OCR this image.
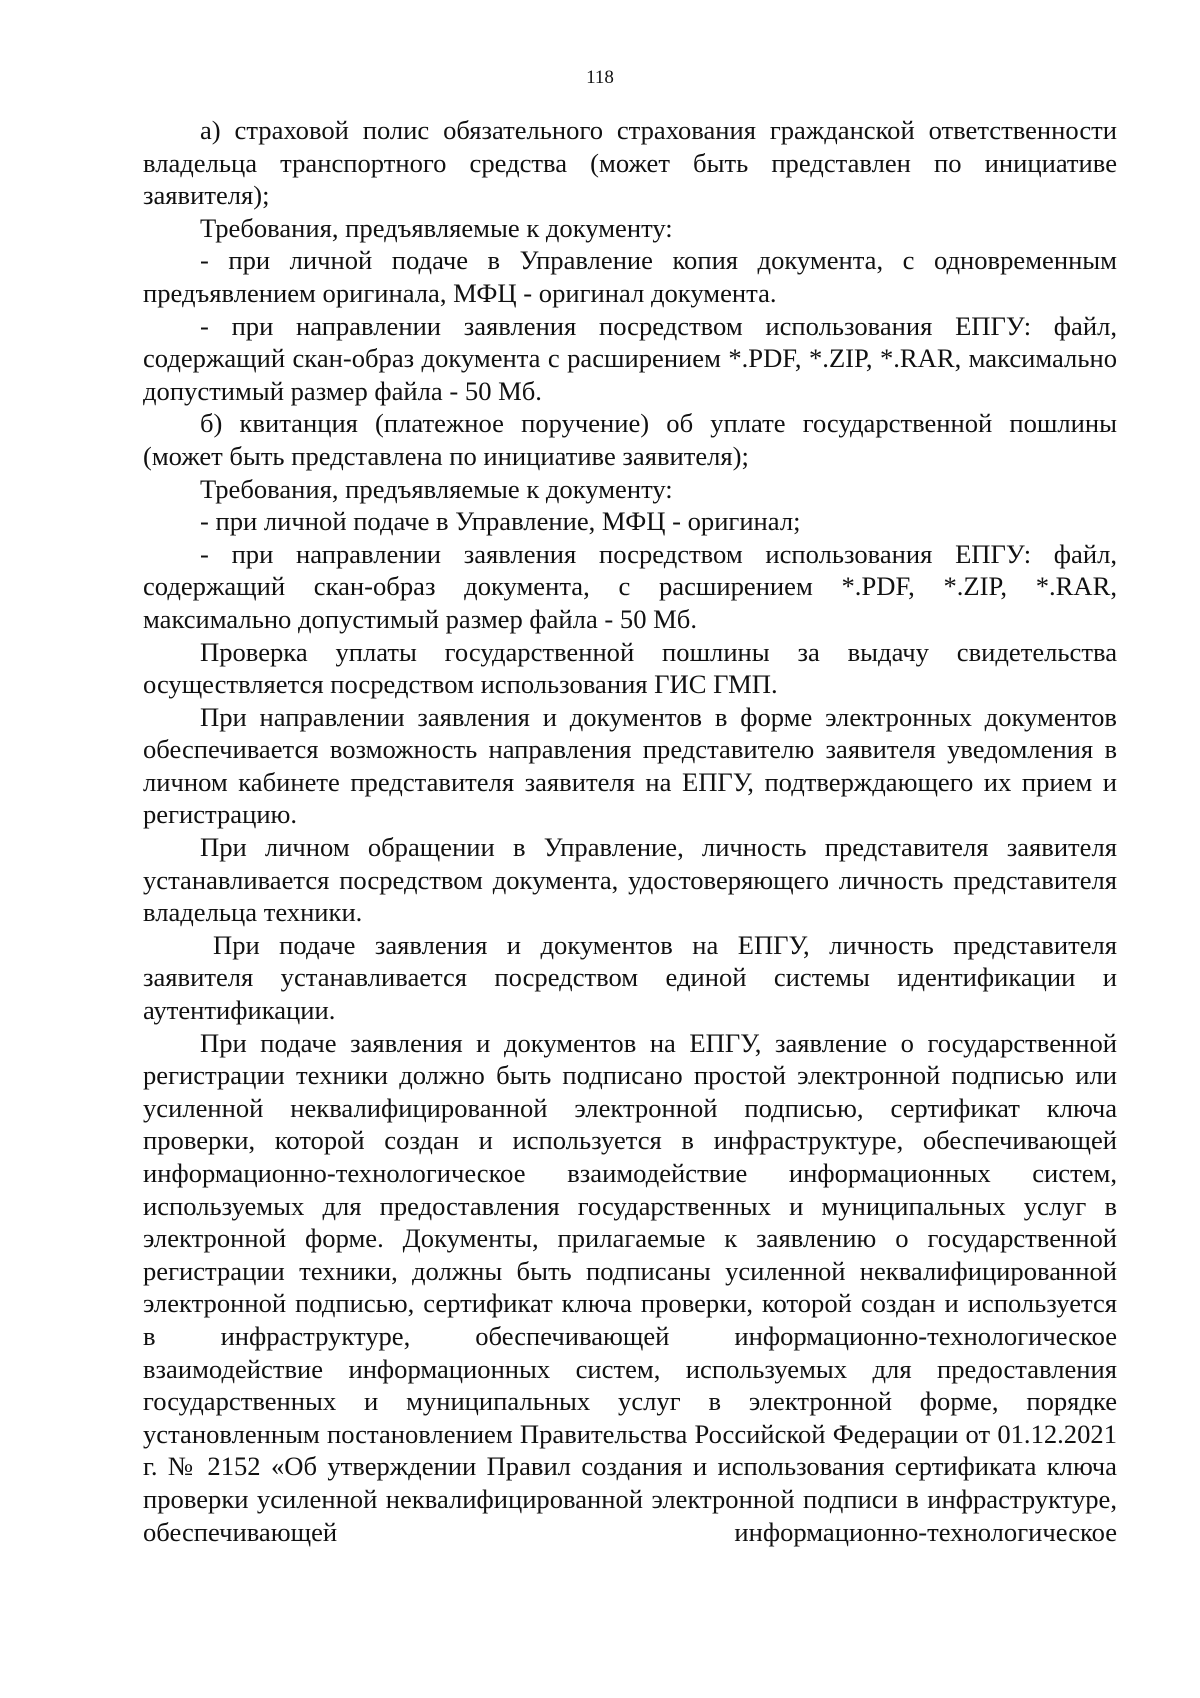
118

а) страховой полис обязательного страхования гражданской ответственности владельца транспортного средства (может быть представлен по инициативе заявителя);

Требования, предъявляемые к документу:

- при личной подаче в Управление копия документа, с одновременным предъявлением оригинала, МФЦ - оригинал документа.

- при направлении заявления посредством использования ЕПГУ: файл, содержащий скан-образ документа с расширением *.PDF, *.ZIP, *.RAR, максимально допустимый размер файла - 50 Мб.

б) квитанция (платежное поручение) об уплате государственной пошлины (может быть представлена по инициативе заявителя);

Требования, предъявляемые к документу:

- при личной подаче в Управление, МФЦ - оригинал;

- при направлении заявления посредством использования ЕПГУ: файл, содержащий скан-образ документа, с расширением *.PDF, *.ZIP, *.RAR, максимально допустимый размер файла - 50 Мб.

Проверка уплаты государственной пошлины за выдачу свидетельства осуществляется посредством использования ГИС ГМП.

При направлении заявления и документов в форме электронных документов обеспечивается возможность направления представителю заявителя уведомления в личном кабинете представителя заявителя на ЕПГУ, подтверждающего их прием и регистрацию.

При личном обращении в Управление, личность представителя заявителя устанавливается посредством документа, удостоверяющего личность представителя владельца техники.

При подаче заявления и документов на ЕПГУ, личность представителя заявителя устанавливается посредством единой системы идентификации и аутентификации.

При подаче заявления и документов на ЕПГУ, заявление о государственной регистрации техники должно быть подписано простой электронной подписью или усиленной неквалифицированной электронной подписью, сертификат ключа проверки, которой создан и используется в инфраструктуре, обеспечивающей информационно-технологическое взаимодействие информационных систем, используемых для предоставления государственных и муниципальных услуг в электронной форме. Документы, прилагаемые к заявлению о государственной регистрации техники, должны быть подписаны усиленной неквалифицированной электронной подписью, сертификат ключа проверки, которой создан и используется в инфраструктуре, обеспечивающей информационно-технологическое взаимодействие информационных систем, используемых для предоставления государственных и муниципальных услуг в электронной форме, порядке установленным постановлением Правительства Российской Федерации от 01.12.2021 г. № 2152 «Об утверждении Правил создания и использования сертификата ключа проверки усиленной неквалифицированной электронной подписи в инфраструктуре, обеспечивающей информационно-технологическое
